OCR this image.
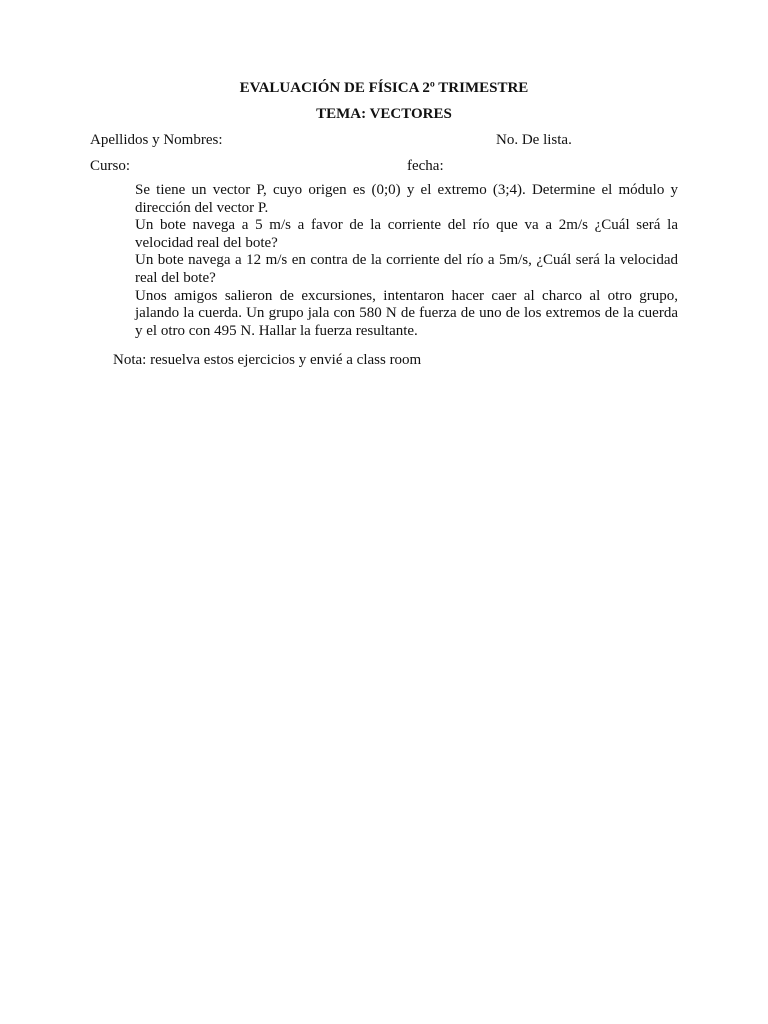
EVALUACIÓN DE FÍSICA 2º TRIMESTRE
TEMA: VECTORES
Apellidos y Nombres:	No. De lista.
Curso:	fecha:
Se tiene un vector P, cuyo origen es (0;0) y el extremo (3;4). Determine el módulo y dirección del vector P.
Un bote navega a 5 m/s a favor de la corriente del río que va a 2m/s ¿Cuál será la velocidad real del bote?
Un bote navega a 12 m/s en contra de la corriente del río a 5m/s, ¿Cuál será la velocidad real del bote?
Unos amigos salieron de excursiones, intentaron hacer caer al charco al otro grupo, jalando la cuerda. Un grupo jala con 580 N de fuerza de uno de los extremos de la cuerda y el otro con 495 N. Hallar la fuerza resultante.
Nota: resuelva estos ejercicios y envié a class room
